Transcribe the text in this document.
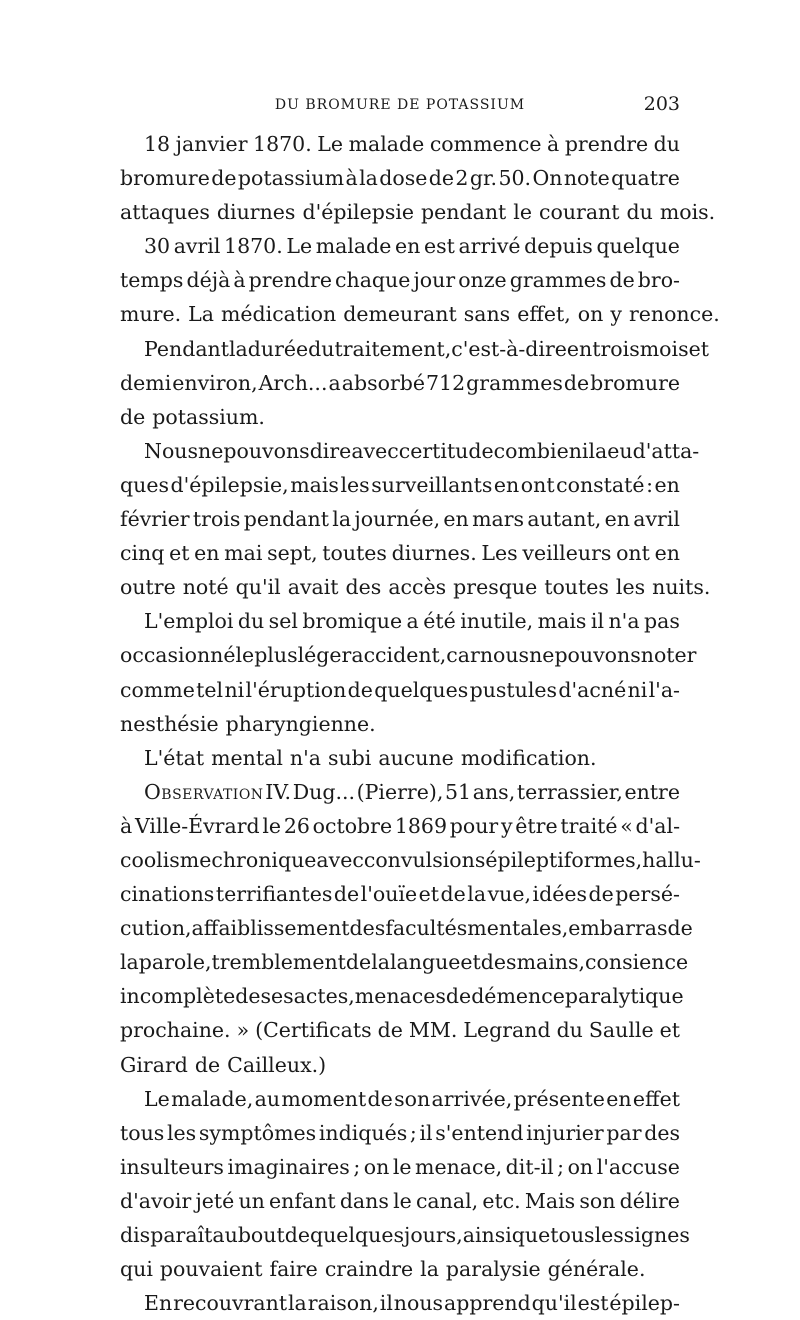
DU BROMURE DE POTASSIUM	203
18 janvier 1870. Le malade commence à prendre du
bromure de potassium à la dose de 2 gr. 50. On note quatre
attaques diurnes d'épilepsie pendant le courant du mois.
30 avril 1870. Le malade en est arrivé depuis quelque
temps déjà à prendre chaque jour onze grammes de bro-
mure. La médication demeurant sans effet, on y renonce.
Pendant la durée du traitement, c'est-à-dire en trois mois et
demi environ, Arch... a absorbé 712 grammes de bromure
de potassium.
Nous ne pouvons dire avec certitude combien il a eu d'atta-
ques d'épilepsie, mais les surveillants en ont constaté : en
février trois pendant la journée, en mars autant, en avril
cinq et en mai sept, toutes diurnes. Les veilleurs ont en
outre noté qu'il avait des accès presque toutes les nuits.
L'emploi du sel bromique a été inutile, mais il n'a pas
occasionné le plus léger accident, car nous ne pouvons noter
comme tel ni l'éruption de quelques pustules d'acné ni l'a-
nesthésie pharyngienne.
L'état mental n'a subi aucune modification.
Observation IV. Dug... (Pierre), 51 ans, terrassier, entre
à Ville-Évrard le 26 octobre 1869 pour y être traité « d'al-
coolisme chronique avec convulsions épileptiformes, hallu-
cinations terrifiantes de l'ouïe et de la vue, idées de persé-
cution, affaiblissement des facultés mentales, embarras de
la parole, tremblement de la langue et des mains, consience
incomplète de ses actes, menaces de démence paralytique
prochaine. » (Certificats de MM. Legrand du Saulle et
Girard de Cailleux.)
Le malade, au moment de son arrivée, présente en effet
tous les symptômes indiqués ; il s'entend injurier par des
insulteurs imaginaires ; on le menace, dit-il ; on l'accuse
d'avoir jeté un enfant dans le canal, etc. Mais son délire
disparaît au bout de quelques jours, ainsi que tous les signes
qui pouvaient faire craindre la paralysie générale.
En recouvrant la raison, il nous apprend qu'il est épilep-
